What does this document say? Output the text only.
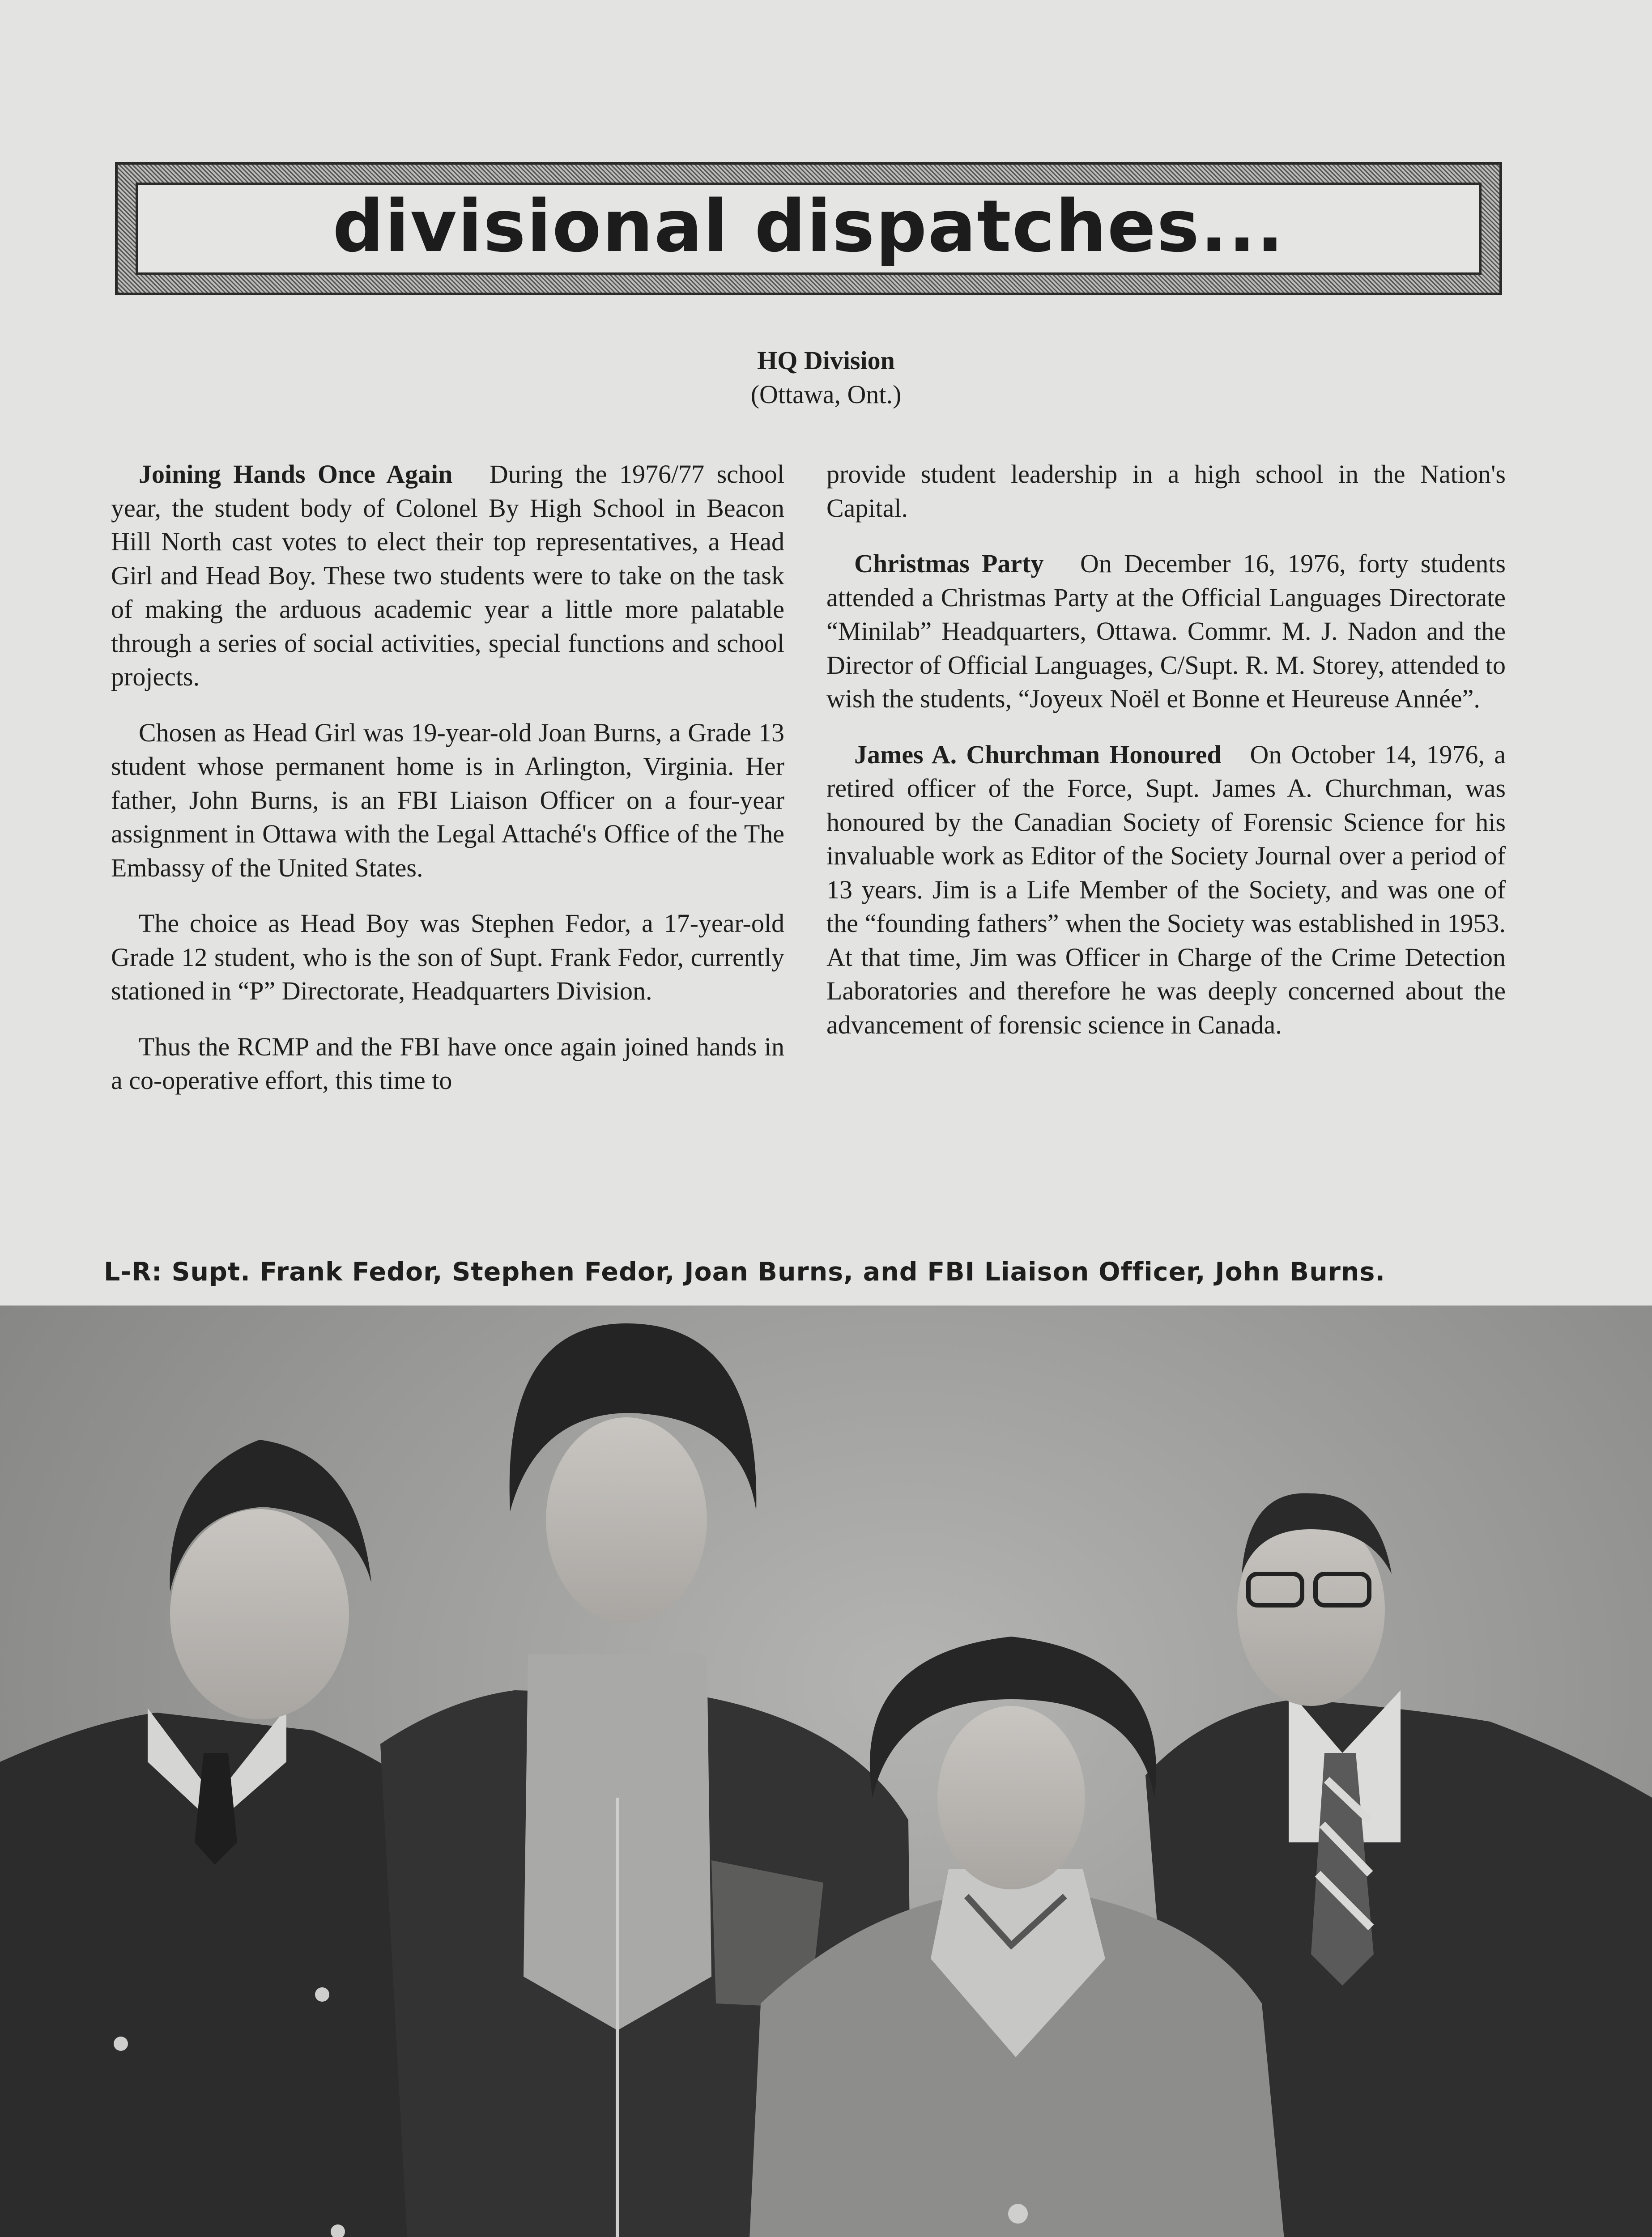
divisional dispatches...
HQ Division
(Ottawa, Ont.)

Joining Hands Once Again During the 1976/77 school year, the student body of Colonel By High School in Beacon Hill North cast votes to elect their top representatives, a Head Girl and Head Boy. These two students were to take on the task of making the arduous academic year a little more palatable through a series of social activities, special functions and school projects.

Chosen as Head Girl was 19-year-old Joan Burns, a Grade 13 student whose permanent home is in Arlington, Virginia. Her father, John Burns, is an FBI Liaison Officer on a four-year assignment in Ottawa with the Legal Attaché's Office of the The Embassy of the United States.

The choice as Head Boy was Stephen Fedor, a 17-year-old Grade 12 student, who is the son of Supt. Frank Fedor, currently stationed in “P” Directorate, Headquarters Division.

Thus the RCMP and the FBI have once again joined hands in a co-operative effort, this time to

provide student leadership in a high school in the Nation's Capital.

Christmas Party On December 16, 1976, forty students attended a Christmas Party at the Official Languages Directorate “Minilab” Headquarters, Ottawa. Commr. M. J. Nadon and the Director of Official Languages, C/Supt. R. M. Storey, attended to wish the students, “Joyeux Noël et Bonne et Heureuse Année”.

James A. Churchman Honoured On October 14, 1976, a retired officer of the Force, Supt. James A. Churchman, was honoured by the Canadian Society of Forensic Science for his invaluable work as Editor of the Society Journal over a period of 13 years. Jim is a Life Member of the Society, and was one of the “founding fathers” when the Society was established in 1953. At that time, Jim was Officer in Charge of the Crime Detection Laboratories and therefore he was deeply concerned about the advancement of forensic science in Canada.

L-R: Supt. Frank Fedor, Stephen Fedor, Joan Burns, and FBI Liaison Officer, John Burns.
